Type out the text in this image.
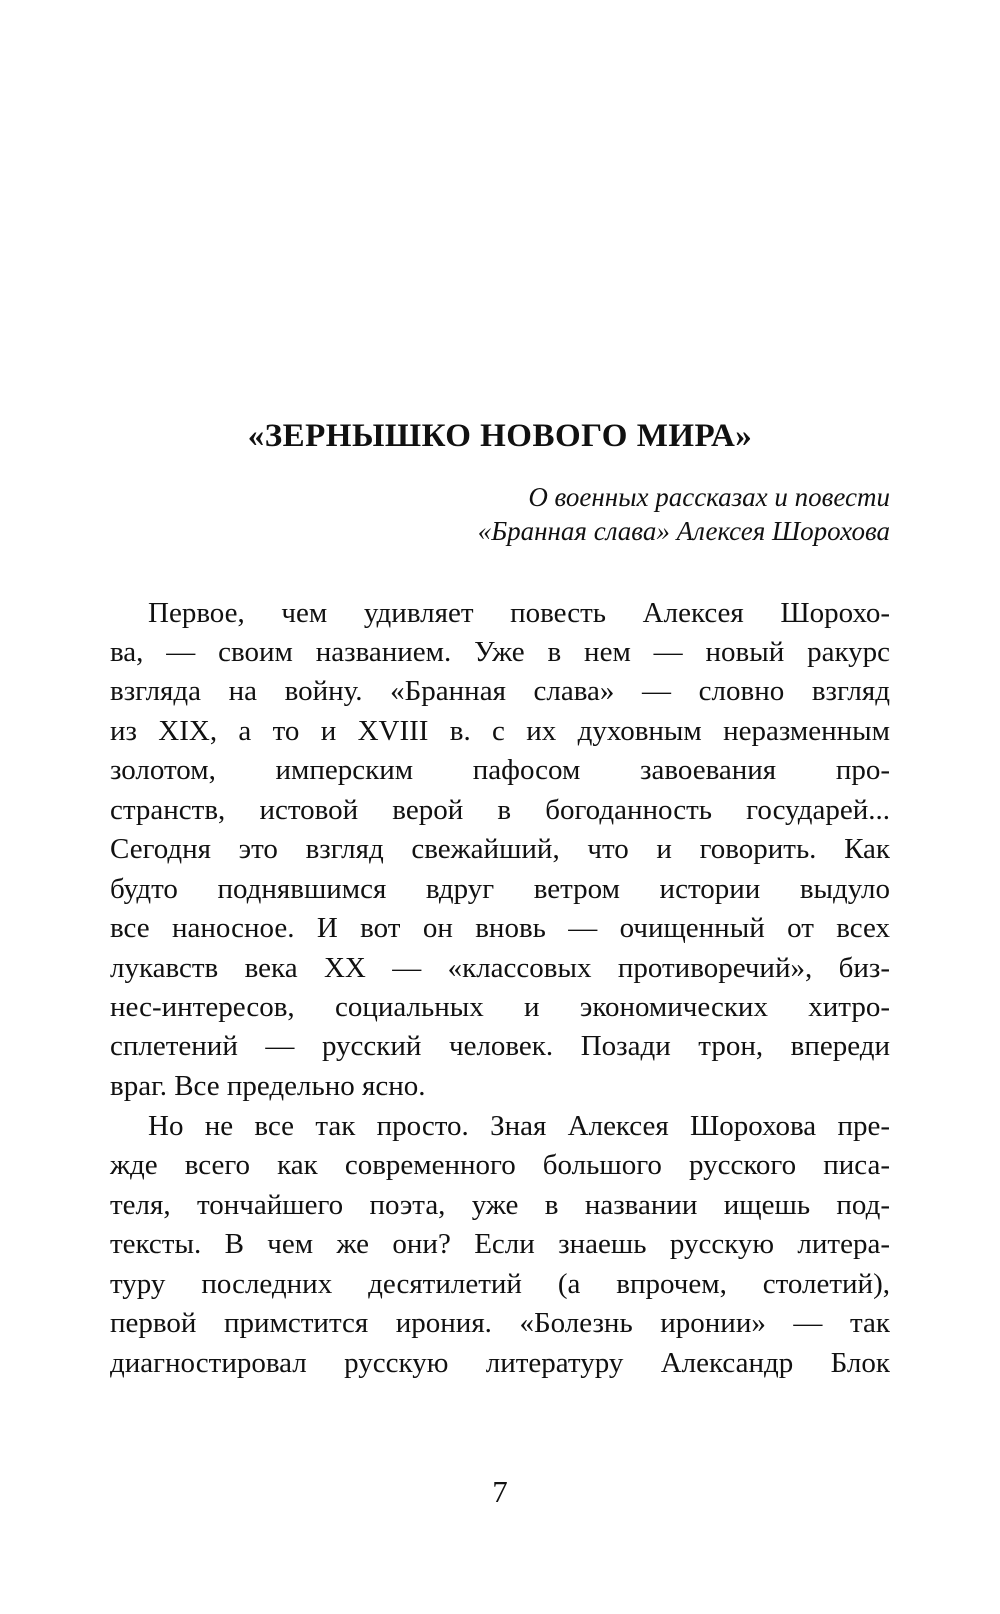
«ЗЕРНЫШКО НОВОГО МИРА»
О военных рассказах и повести
«Бранная слава» Алексея Шорохова
Первое, чем удивляет повесть Алексея Шорохо-
ва, — своим названием. Уже в нем — новый ракурс
взгляда на войну. «Бранная слава» — словно взгляд
из XIX, а то и XVIII в. с их духовным неразменным
золотом, имперским пафосом завоевания про-
странств, истовой верой в богоданность государей...
Сегодня это взгляд свежайший, что и говорить. Как
будто поднявшимся вдруг ветром истории выдуло
все наносное. И вот он вновь — очищенный от всех
лукавств века XX — «классовых противоречий», биз-
нес-интересов, социальных и экономических хитро-
сплетений — русский человек. Позади трон, впереди
враг. Все предельно ясно.
Но не все так просто. Зная Алексея Шорохова пре-
жде всего как современного большого русского писа-
теля, тончайшего поэта, уже в названии ищешь под-
тексты. В чем же они? Если знаешь русскую литера-
туру последних десятилетий (а впрочем, столетий),
первой примстится ирония. «Болезнь иронии» — так
диагностировал русскую литературу Александр Блок
7
